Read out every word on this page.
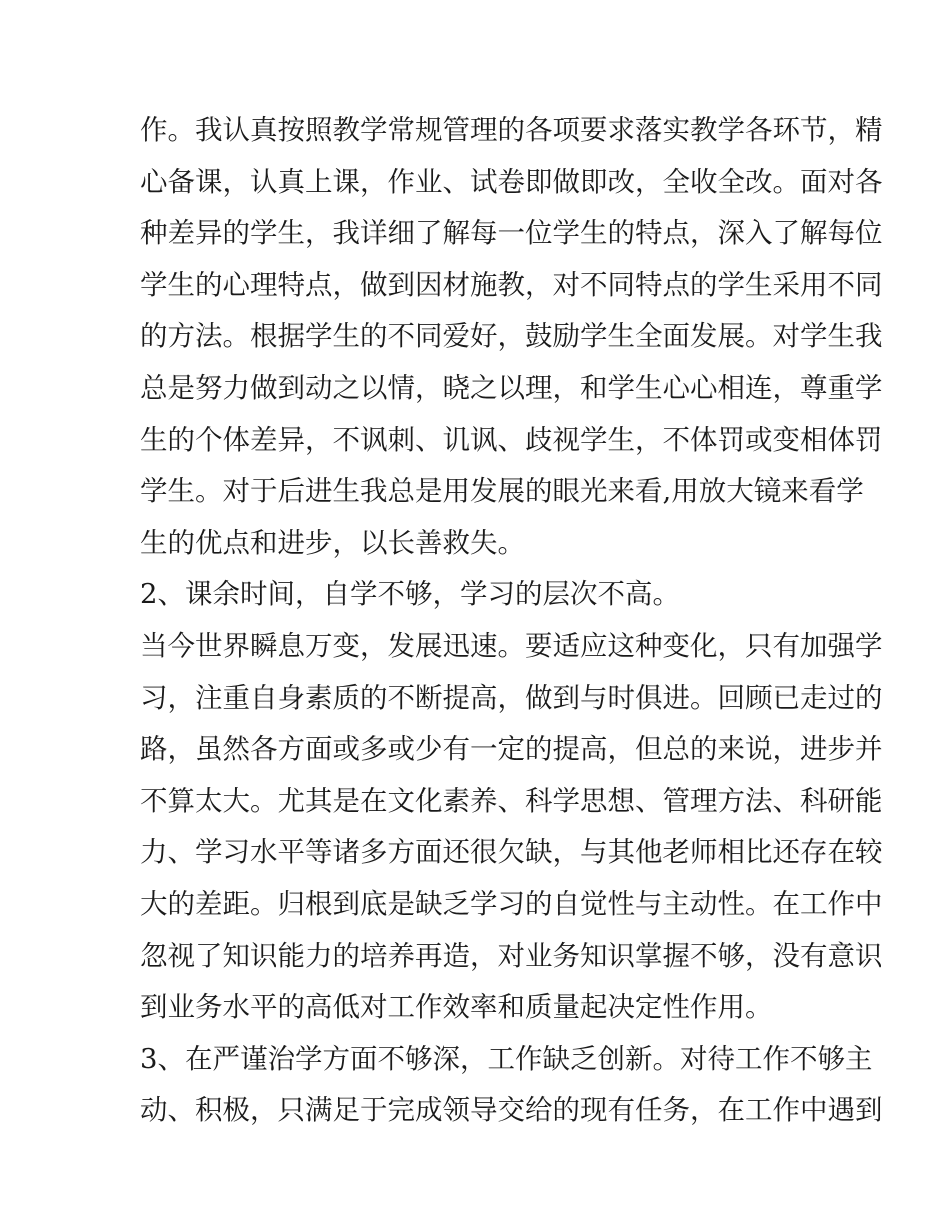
作。我认真按照教学常规管理的各项要求落实教学各环节，精
心备课，认真上课，作业、试卷即做即改，全收全改。面对各
种差异的学生，我详细了解每一位学生的特点，深入了解每位
学生的心理特点，做到因材施教，对不同特点的学生采用不同
的方法。根据学生的不同爱好，鼓励学生全面发展。对学生我
总是努力做到动之以情，晓之以理，和学生心心相连，尊重学
生的个体差异，不讽刺、讥讽、歧视学生，不体罚或变相体罚
学生。对于后进生我总是用发展的眼光来看,用放大镜来看学
生的优点和进步，以长善救失。
2、课余时间，自学不够，学习的层次不高。
当今世界瞬息万变，发展迅速。要适应这种变化，只有加强学
习，注重自身素质的不断提高，做到与时俱进。回顾已走过的
路，虽然各方面或多或少有一定的提高，但总的来说，进步并
不算太大。尤其是在文化素养、科学思想、管理方法、科研能
力、学习水平等诸多方面还很欠缺，与其他老师相比还存在较
大的差距。归根到底是缺乏学习的自觉性与主动性。在工作中
忽视了知识能力的培养再造，对业务知识掌握不够，没有意识
到业务水平的高低对工作效率和质量起决定性作用。
3、在严谨治学方面不够深，工作缺乏创新。对待工作不够主
动、积极，只满足于完成领导交给的现有任务，在工作中遇到
